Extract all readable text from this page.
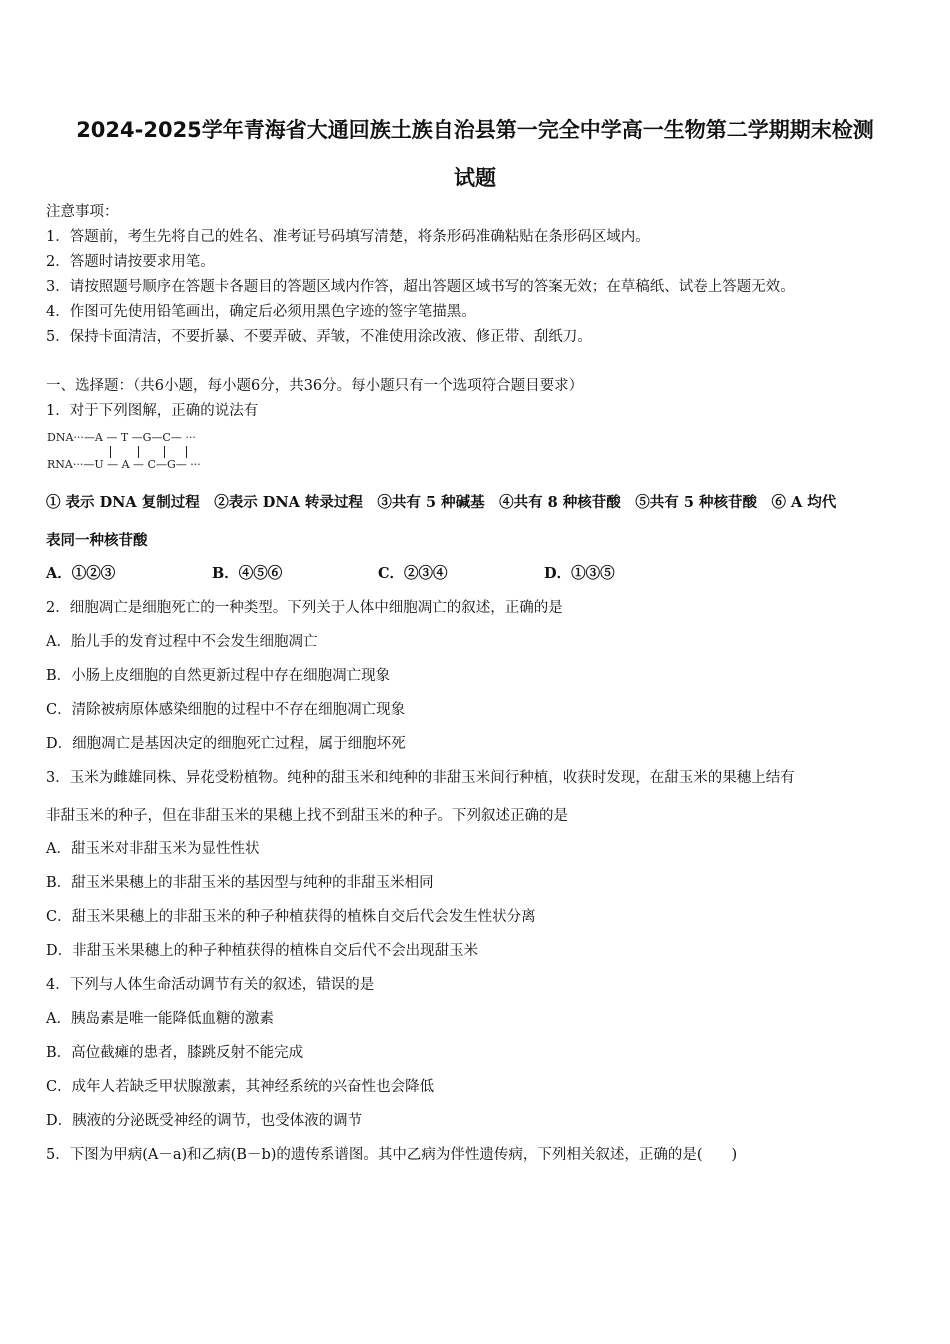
2024-2025学年青海省大通回族土族自治县第一完全中学高一生物第二学期期末检测
试题
注意事项：
1．答题前，考生先将自己的姓名、准考证号码填写清楚，将条形码准确粘贴在条形码区域内。
2．答题时请按要求用笔。
3．请按照题号顺序在答题卡各题目的答题区域内作答，超出答题区域书写的答案无效；在草稿纸、试卷上答题无效。
4．作图可先使用铅笔画出，确定后必须用黑色字迹的签字笔描黑。
5．保持卡面清洁，不要折暴、不要弄破、弄皱，不准使用涂改液、修正带、刮纸刀。
一、选择题：（共6小题，每小题6分，共36分。每小题只有一个选项符合题目要求）
1．对于下列图解，正确的说法有
DNA···—A — T —G—C— ···
RNA···—U — A — C—G— ···
① 表示 DNA 复制过程　②表示 DNA 转录过程　③共有 5 种碱基　④共有 8 种核苷酸　⑤共有 5 种核苷酸　⑥ A 均代
表同一种核苷酸
A．①②③	B．④⑤⑥	C．②③④	D．①③⑤
2．细胞凋亡是细胞死亡的一种类型。下列关于人体中细胞凋亡的叙述，正确的是
A．胎儿手的发育过程中不会发生细胞凋亡
B．小肠上皮细胞的自然更新过程中存在细胞凋亡现象
C．清除被病原体感染细胞的过程中不存在细胞凋亡现象
D．细胞凋亡是基因决定的细胞死亡过程，属于细胞坏死
3．玉米为雌雄同株、异花受粉植物。纯种的甜玉米和纯种的非甜玉米间行种植，收获时发现，在甜玉米的果穗上结有
非甜玉米的种子，但在非甜玉米的果穗上找不到甜玉米的种子。下列叙述正确的是
A．甜玉米对非甜玉米为显性性状
B．甜玉米果穗上的非甜玉米的基因型与纯种的非甜玉米相同
C．甜玉米果穗上的非甜玉米的种子种植获得的植株自交后代会发生性状分离
D．非甜玉米果穗上的种子种植获得的植株自交后代不会出现甜玉米
4．下列与人体生命活动调节有关的叙述，错误的是
A．胰岛素是唯一能降低血糖的激素
B．高位截瘫的患者，膝跳反射不能完成
C．成年人若缺乏甲状腺激素，其神经系统的兴奋性也会降低
D．胰液的分泌既受神经的调节，也受体液的调节
5．下图为甲病(A－a)和乙病(B－b)的遗传系谱图。其中乙病为伴性遗传病，下列相关叙述，正确的是(　　)
